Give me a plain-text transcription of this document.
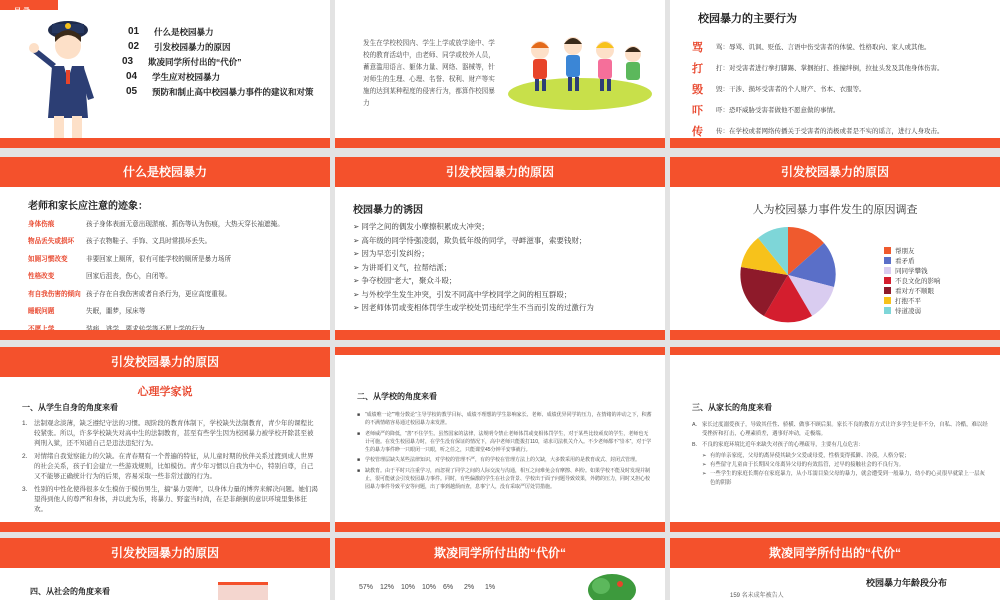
目 录
01	什么是校园暴力
02	引发校园暴力的原因
03	欺凌同学所付出的“代价”
04	学生应对校园暴力
05	预防和制止高中校园暴力事件的建议和对策
发生在学校校园内、学生上学或放学途中、学校的教育活动中，由老师、同学或校外人员，蓄意滥用语言、躯体力量、网络、器械等，针对师生的生理、心理、名誉、权利、财产等实施的达到某种程度的侵害行为，都算作校园暴力
校园暴力的主要行为
骂	骂：辱骂、讥讽、贬低、言语中伤受害者的体貌、性格取向、家人或其他。
打	打：对受害者进行拳打脚踢、掌掴拍打、推撞绊倒，拉扯头发及其他身体伤害。
毁	毁：干涉、损坏受害者的个人财产、书本、衣服等。
吓	吓：恐吓威胁受害者做他不愿意做的事情。
传	传：在学校或者网络传播关于受害者的消极或者是不实的谣言，进行人身攻击。
什么是校园暴力
老师和家长应注意的迹象：
身体伤痕	孩子身体表面无意出现淤痕、抓伤等认为伤痕，大热天穿长袖遮掩。
物品丢失或损坏	孩子衣物鞋子、手饰、文具时常损坏丢失。
如厕习惯改变	非要回家上厕所，很有可能学校的厕所是暴力场所
性格改变	回家后沮丧，伤心，自闭等。
有自我伤害的倾向 孩子存在自我伤害或者自杀行为，更应高度重视。
睡眠问题	失眠，噩梦，尿床等
引发校园暴力的原因
校园暴力的诱因
➢ 同学之间的偶发小摩擦积累成大冲突；
➢ 高年级的同学恃强凌弱，欺负低年级的同学，寻衅滋事，索要钱财；
➢ 因为早恋引发纠纷；
➢ 为讲哥们义气，拉帮结派；
➢ 争夺校园“老大”，聚众斗殴；
➢ 与外校学生发生冲突，引发不同高中学校同学之间的相互群殴；
➢ 因老师体罚或变相体罚学生或学校处罚违纪学生不当而引发的过激行为
引发校园暴力的原因
人为校园暴力事件发生的原因调查
帮朋友
看矛盾
同同学攀钱
不良文化的影响
看对方不顺眼
打抱不平
恃道凌弱
引发校园暴力的原因
心理学家说
一、从学生自身的角度来看
1.	法制观念淡薄，缺乏遵纪守法的习惯。现阶段的教育体制下，学校缺失法制教育，青少年的课程比较紧张。所以，许多学校缺失对高中生的法制教育，甚至有些学生因为校园暴力被学校开除甚至被判刑入狱，还不知道自己是违法违纪行为。
2.	对情绪自我觉察能力的欠缺。在青春期有一个普遍的特征，从儿童时期的伙伴关系过渡到成人世界的社会关系，孩子们会建立一些游戏规则，比如模仿。青少年习惯以自我为中心，特别自尊，自己又不能够正确统计行为的后果，容易采取一些非常过激的行为。
3.	性别的中性化使得很多女生模仿于模仿男生，搞“暴力耍帅”，以身体力量的博弈来解决问题。她们渴望得到他人的尊严和身体，并以此为乐，将暴力、野蛮当时尚，在是非颠倒的意识环境里集体狂欢。
二、从学校的角度来看
■ “成绩唯一论”“唯分数论”主导学校的教学目标，成绩不理想的学生影响家长、老师、成绩优异同学的压力，在情绪的冲动之下，积蓄的不满情绪容易通过校园暴力来发泄。
■ 老师威严的降低，“善”不住学生。虽然国家的法律，法规明令禁止老师体罚或变相体罚学生，对于某些比较顽皮的学生，老师也无计可施。在发生校园暴力时，在学生没有保证的情况下，高中老师只能拨打110，请求司法机关介入。不少老师都不“崇本”，对于学生的暴力事件睁一只眼闭一只眼，听之任之，只能课堂45分钟平安事就行。
■ 学校管理层缺失某些法律知识，对学校的管理不严，有的学校在管理方法上的欠缺，大多数采用的是教育或式、封闭式管理。
■ 缺教育。由于平时只注重学习，而忽视了同学之间的人际交流与沟通，相互之间难免会有摩擦、纠纷。如果学校不能及时发现并制止，很可能就会引发校园暴力事件。同时，有些偏激的学生在社会背景、学校出于面子问题导致效果，外聘的压力，同时又担心校园暴力事件导致平安等问题，出了事到越烦而查，息事宁人，没有采取严厉处罚措施。
三、从家长的角度来看
A. 家长过度溺爱孩子，导致其任性、骄横、做事不顾后果。家长不良的教育方式让许多学生是非不分，自私、冷酷，难以经受挫折和打击，心理素质差，遇事好冲动，走极端。
B. 不良的家庭环境比近年来缺失对孩子的心理疏导，主要有几点危害：
➢ 有的单亲家庭，父母的离异使其缺少父爱或母爱，性格变得孤僻、冷漠，人格分裂；
➢ 有些留守儿童由于长期因父母离异父母的有效监管，过早的接触社会的不良行为。
➢ 一些学生的家庭长期存在家庭暴力，从小耳濡目染父母的暴力，就会遭受到一般暴力，幼小的心灵很早就蒙上一层灰色的阴影
引发校园暴力的原因
四、从社会的角度来看
欺凌同学所付出的“代价“
57% 12% 10% 10% 6%	2%	1%
欺凌同学所付出的“代价“
校园暴力年龄段分布
159 名未成年被告人
